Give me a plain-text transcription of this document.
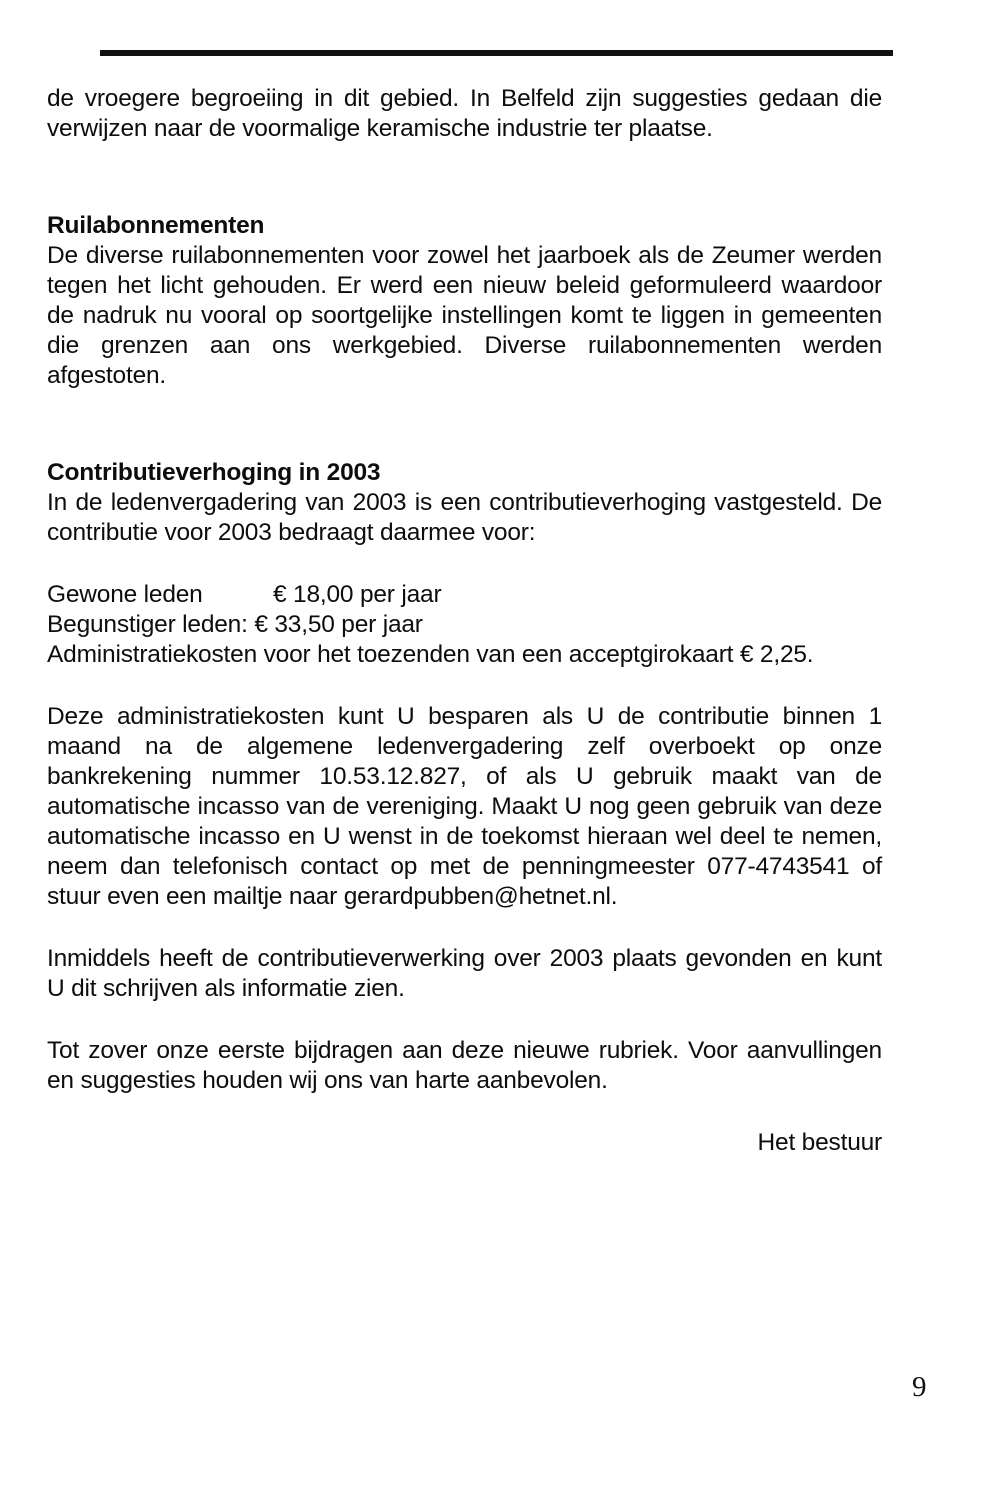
de vroegere begroeiing in dit gebied. In Belfeld zijn suggesties gedaan die verwijzen naar de voormalige keramische industrie ter plaatse.

Ruilabonnementen

De diverse ruilabonnementen voor zowel het jaarboek als de Zeumer werden tegen het licht gehouden. Er werd een nieuw beleid geformuleerd waardoor de nadruk nu vooral op soortgelijke instellingen komt te liggen in gemeenten die grenzen aan ons werkgebied. Diverse ruilabonnementen werden afgestoten.

Contributieverhoging in 2003

In de ledenvergadering van 2003 is een contributieverhoging vastgesteld. De contributie voor 2003 bedraagt daarmee voor:

Gewone leden	€ 18,00 per jaar

Begunstiger leden: € 33,50 per jaar

Administratiekosten voor het toezenden van een acceptgirokaart € 2,25.

Deze administratiekosten kunt U besparen als U de contributie binnen 1 maand na de algemene ledenvergadering zelf overboekt op onze bankrekening nummer 10.53.12.827, of als U gebruik maakt van de automatische incasso van de vereniging. Maakt U nog geen gebruik van deze automatische incasso en U wenst in de toekomst hieraan wel deel te nemen, neem dan telefonisch contact op met de penningmeester 077-4743541 of stuur even een mailtje naar gerardpubben@hetnet.nl.

Inmiddels heeft de contributieverwerking over 2003 plaats gevonden en kunt U dit schrijven als informatie zien.

Tot zover onze eerste bijdragen aan deze nieuwe rubriek. Voor aanvullingen en suggesties houden wij ons van harte aanbevolen.

Het bestuur

9
